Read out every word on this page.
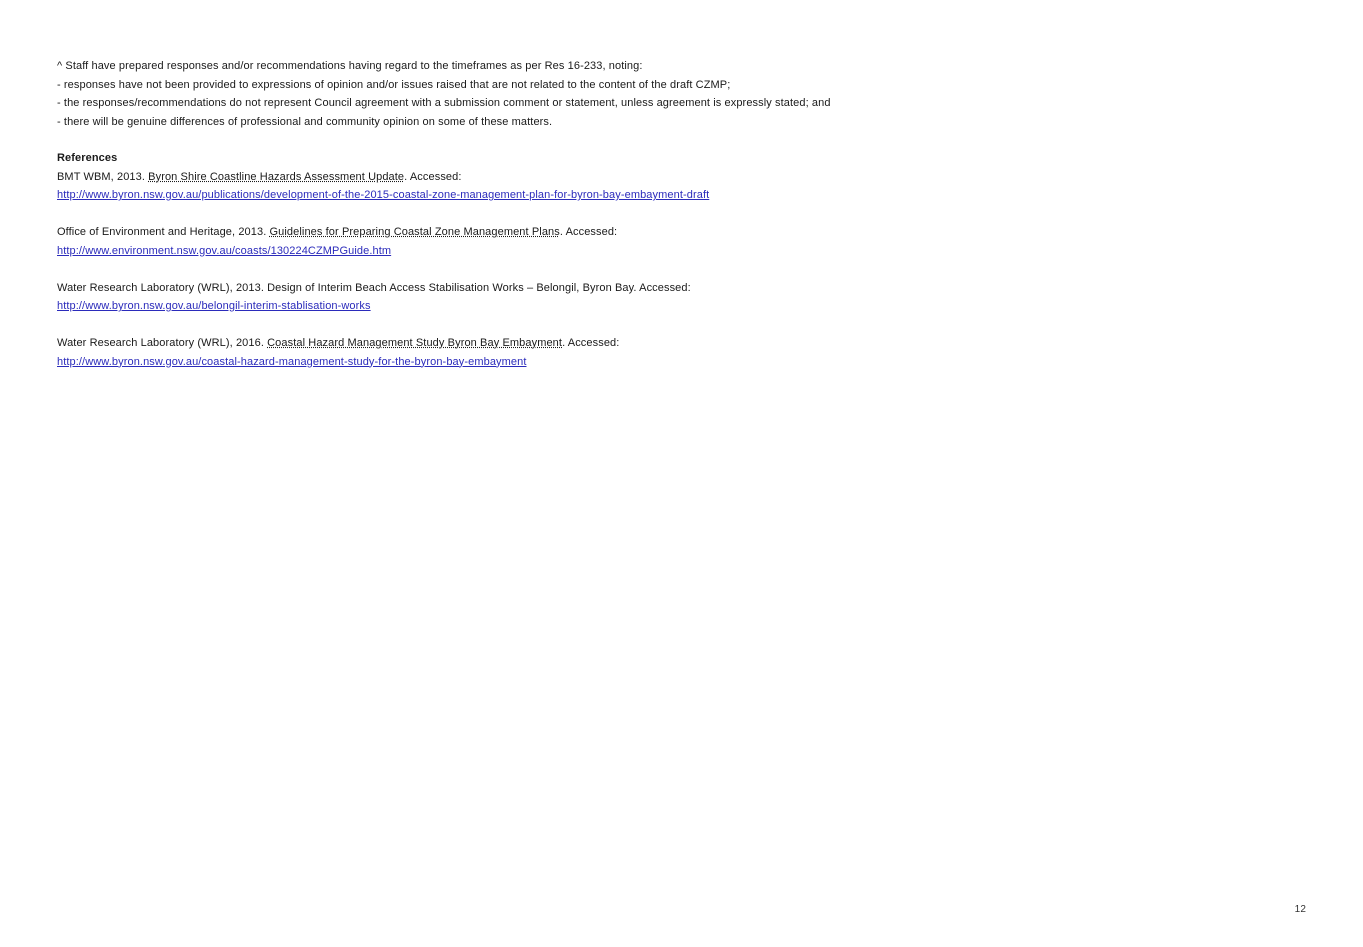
^ Staff have prepared responses and/or recommendations having regard to the timeframes as per Res 16-233, noting:
- responses have not been provided to expressions of opinion and/or issues raised that are not related to the content of the draft CZMP;
- the responses/recommendations do not represent Council agreement with a submission comment or statement, unless agreement is expressly stated; and
- there will be genuine differences of professional and community opinion on some of these matters.
References
BMT WBM, 2013. Byron Shire Coastline Hazards Assessment Update. Accessed:
http://www.byron.nsw.gov.au/publications/development-of-the-2015-coastal-zone-management-plan-for-byron-bay-embayment-draft
Office of Environment and Heritage, 2013. Guidelines for Preparing Coastal Zone Management Plans. Accessed:
http://www.environment.nsw.gov.au/coasts/130224CZMPGuide.htm
Water Research Laboratory (WRL), 2013. Design of Interim Beach Access Stabilisation Works – Belongil, Byron Bay. Accessed:
http://www.byron.nsw.gov.au/belongil-interim-stablisation-works
Water Research Laboratory (WRL), 2016. Coastal Hazard Management Study Byron Bay Embayment. Accessed:
http://www.byron.nsw.gov.au/coastal-hazard-management-study-for-the-byron-bay-embayment
12
